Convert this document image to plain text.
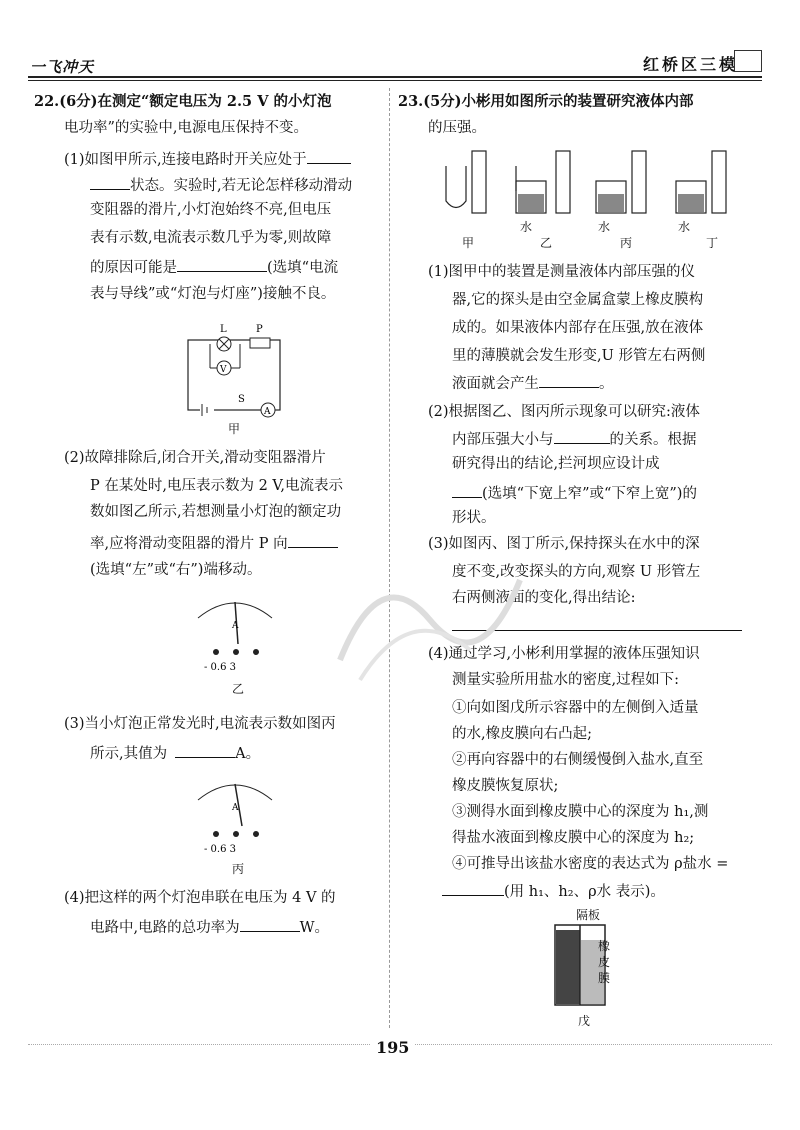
一飞冲天	红桥区三模
22.(6分)在测定“额定电压为 2.5 V 的小灯泡
电功率”的实验中,电源电压保持不变。
(1)如图甲所示,连接电路时开关应处于
状态。实验时,若无论怎样移动滑动
变阻器的滑片,小灯泡始终不亮,但电压
表有示数,电流表示数几乎为零,则故障
的原因可能是	(选填“电流
表与导线”或“灯泡与灯座”)接触不良。
L	P
V
S
A
甲
(2)故障排除后,闭合开关,滑动变阻器滑片
P 在某处时,电压表示数为 2 V,电流表示
数如图乙所示,若想测量小灯泡的额定功
率,应将滑动变阻器的滑片 P 向
(选填“左”或“右”)端移动。
A
- 0.6 3
乙
(3)当小灯泡正常发光时,电流表示数如图丙
所示,其值为	A。
A
- 0.6 3
丙
(4)把这样的两个灯泡串联在电压为 4 V 的
电路中,电路的总功率为	W。
23.(5分)小彬用如图所示的装置研究液体内部
的压强。
水	水	水
甲	乙	丙	丁
(1)图甲中的装置是测量液体内部压强的仪
器,它的探头是由空金属盒蒙上橡皮膜构
成的。如果液体内部存在压强,放在液体
里的薄膜就会发生形变,U 形管左右两侧
液面就会产生	。
(2)根据图乙、图丙所示现象可以研究:液体
内部压强大小与	的关系。根据
研究得出的结论,拦河坝应设计成
(选填“下宽上窄”或“下窄上宽”)的
形状。
(3)如图丙、图丁所示,保持探头在水中的深
度不变,改变探头的方向,观察 U 形管左
右两侧液面的变化,得出结论:
(4)通过学习,小彬利用掌握的液体压强知识
测量实验所用盐水的密度,过程如下:
①向如图戊所示容器中的左侧倒入适量
的水,橡皮膜向右凸起;
②再向容器中的右侧缓慢倒入盐水,直至
橡皮膜恢复原状;
③测得水面到橡皮膜中心的深度为 h₁,测
得盐水液面到橡皮膜中心的深度为 h₂;
④可推导出该盐水密度的表达式为 ρ盐水 =
(用 h₁、h₂、ρ水 表示)。
隔板
橡皮膜
戊
195
